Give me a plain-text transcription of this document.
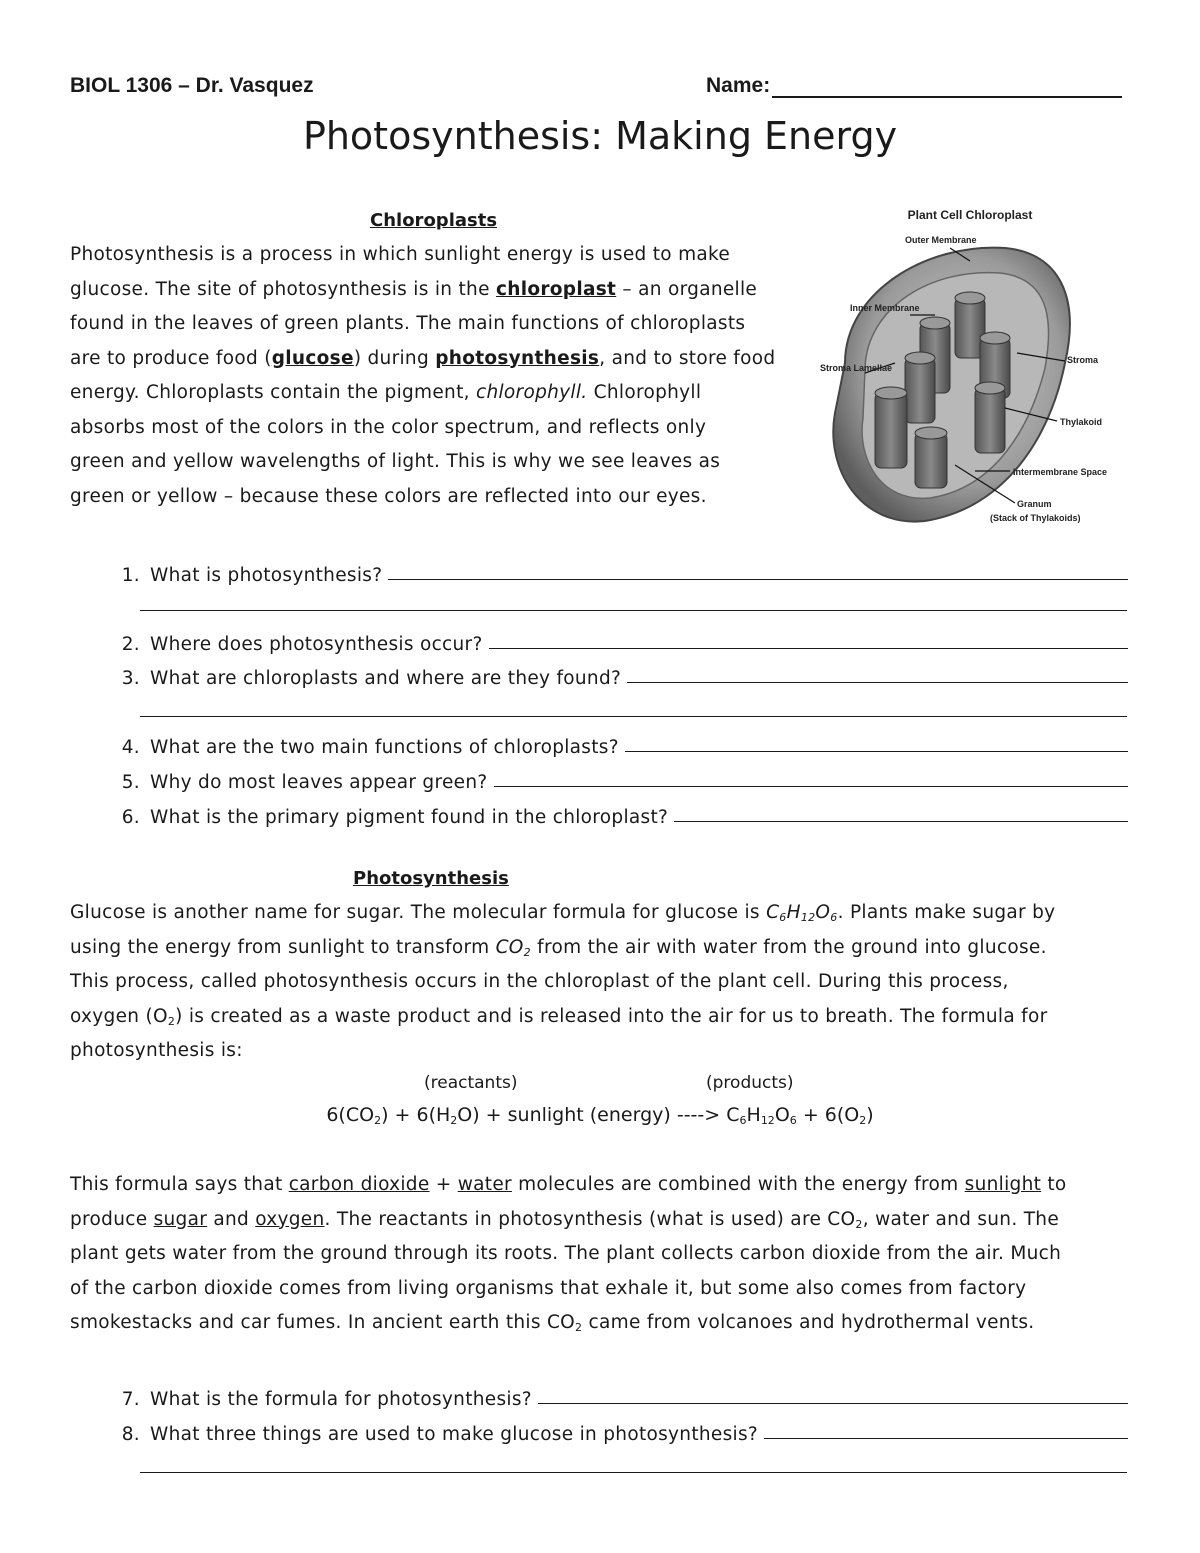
BIOL 1306 – Dr. Vasquez	Name:
Photosynthesis: Making Energy
Chloroplasts
Photosynthesis is a process in which sunlight energy is used to make
glucose. The site of photosynthesis is in the chloroplast – an organelle
found in the leaves of green plants. The main functions of chloroplasts
are to produce food (glucose) during photosynthesis, and to store food
energy. Chloroplasts contain the pigment, chlorophyll. Chlorophyll
absorbs most of the colors in the color spectrum, and reflects only
green and yellow wavelengths of light. This is why we see leaves as
green or yellow – because these colors are reflected into our eyes.
Plant Cell Chloroplast
Outer Membrane
Inner Membrane
Stroma Lamellae
Stroma
Thylakoid
Intermembrane Space
Granum
(Stack of Thylakoids)
1. What is photosynthesis?
2. Where does photosynthesis occur?
3. What are chloroplasts and where are they found?
4. What are the two main functions of chloroplasts?
5. Why do most leaves appear green?
6. What is the primary pigment found in the chloroplast?
Photosynthesis
Glucose is another name for sugar. The molecular formula for glucose is $C_6H_{12}O_6$. Plants make sugar by
using the energy from sunlight to transform $CO_2$ from the air with water from the ground into glucose.
This process, called photosynthesis occurs in the chloroplast of the plant cell. During this process,
oxygen $(O_2)$ is created as a waste product and is released into the air for us to breath. The formula for
photosynthesis is:
(reactants)	(products)
$6(CO_2) + 6(H_2O)$ + sunlight (energy) ----> $C_6H_{12}O_6 + 6(O_2)$
This formula says that carbon dioxide + water molecules are combined with the energy from sunlight to
produce sugar and oxygen. The reactants in photosynthesis (what is used) are $CO_2$, water and sun. The
plant gets water from the ground through its roots. The plant collects carbon dioxide from the air. Much
of the carbon dioxide comes from living organisms that exhale it, but some also comes from factory
smokestacks and car fumes. In ancient earth this $CO_2$ came from volcanoes and hydrothermal vents.
7. What is the formula for photosynthesis?
8. What three things are used to make glucose in photosynthesis?
